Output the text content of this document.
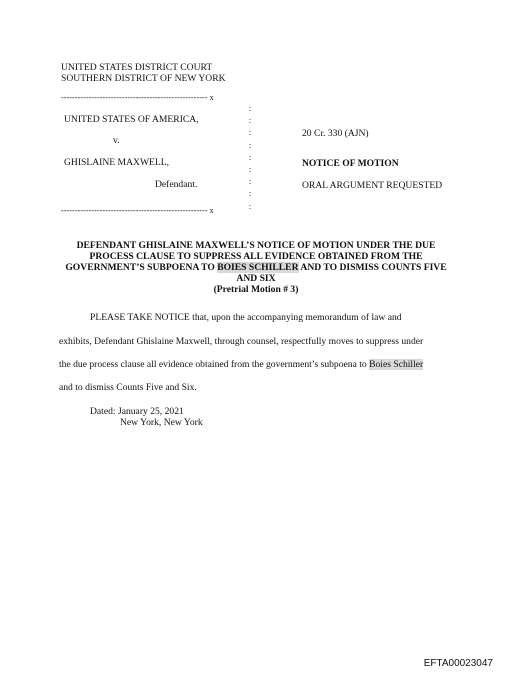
UNITED STATES DISTRICT COURT
SOUTHERN DISTRICT OF NEW YORK
----------------------------------------------------- x
:
:
:
:
:
:
:
:
:
----------------------------------------------------- x
UNITED STATES OF AMERICA,
v.
GHISLAINE MAXWELL,
Defendant.
20 Cr. 330 (AJN)
NOTICE OF MOTION
ORAL ARGUMENT REQUESTED
DEFENDANT GHISLAINE MAXWELL’S NOTICE OF MOTION UNDER THE DUE PROCESS CLAUSE TO SUPPRESS ALL EVIDENCE OBTAINED FROM THE GOVERNMENT’S SUBPOENA TO BOIES SCHILLER AND TO DISMISS COUNTS FIVE AND SIX
(Pretrial Motion # 3)
PLEASE TAKE NOTICE that, upon the accompanying memorandum of law and
exhibits, Defendant Ghislaine Maxwell, through counsel, respectfully moves to suppress under
the due process clause all evidence obtained from the government’s subpoena to Boies Schiller
and to dismiss Counts Five and Six.
Dated: January 25, 2021
New York, New York
EFTA00023047
